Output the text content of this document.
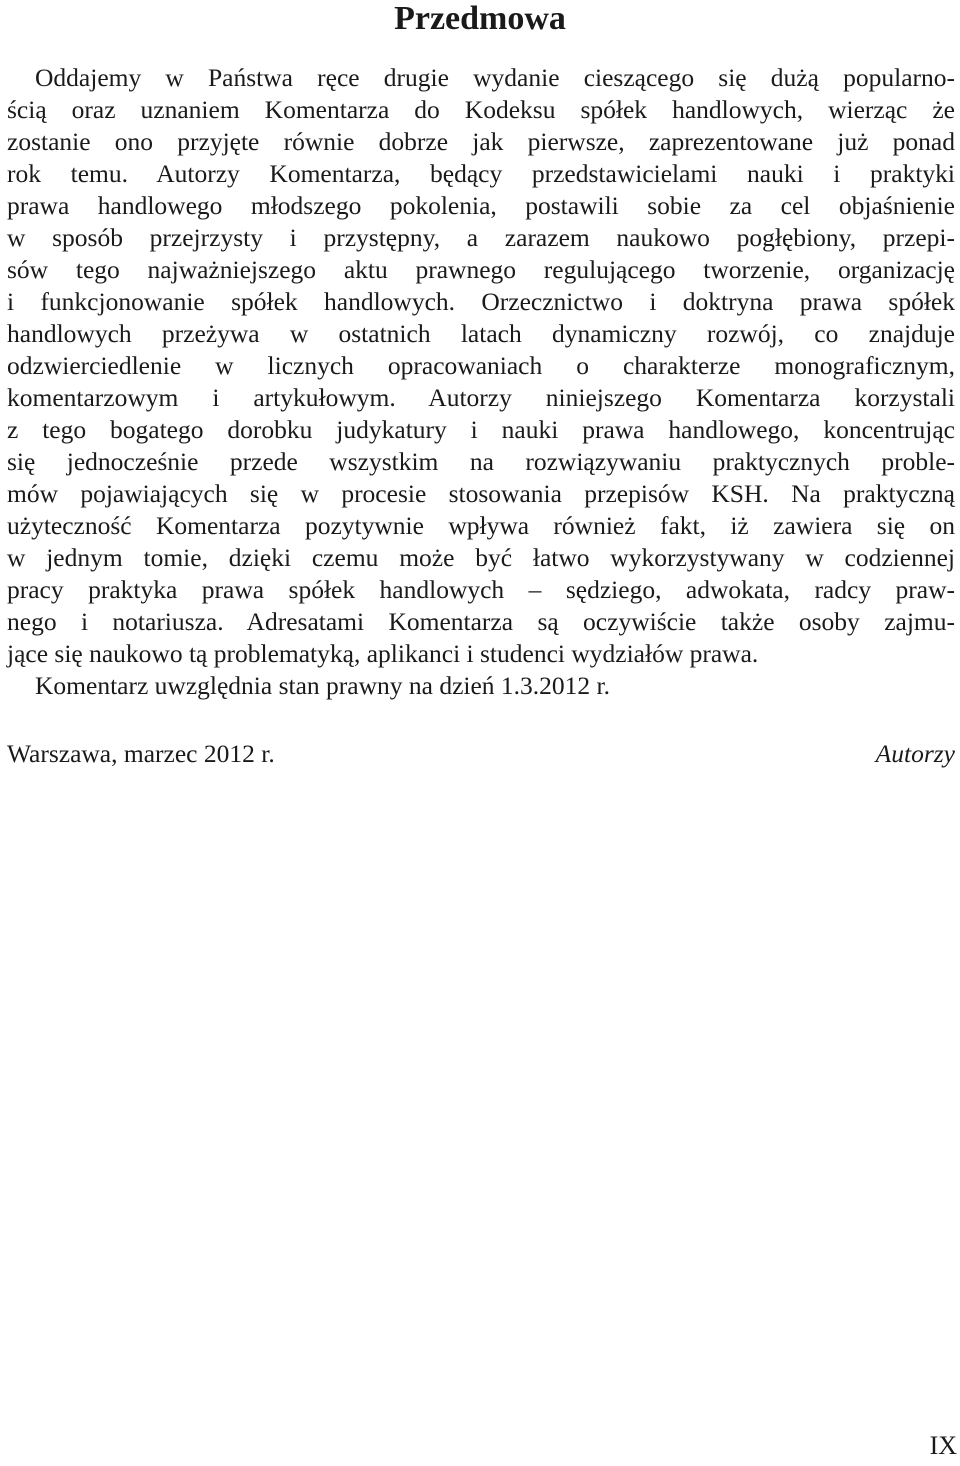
Przedmowa
Oddajemy w Państwa ręce drugie wydanie cieszącego się dużą popularno-
ścią oraz uznaniem Komentarza do Kodeksu spółek handlowych, wierząc że
zostanie ono przyjęte równie dobrze jak pierwsze, zaprezentowane już ponad
rok temu. Autorzy Komentarza, będący przedstawicielami nauki i praktyki
prawa handlowego młodszego pokolenia, postawili sobie za cel objaśnienie
w sposób przejrzysty i przystępny, a zarazem naukowo pogłębiony, przepi-
sów tego najważniejszego aktu prawnego regulującego tworzenie, organizację
i funkcjonowanie spółek handlowych. Orzecznictwo i doktryna prawa spółek
handlowych przeżywa w ostatnich latach dynamiczny rozwój, co znajduje
odzwierciedlenie w licznych opracowaniach o charakterze monograficznym,
komentarzowym i artykułowym. Autorzy niniejszego Komentarza korzystali
z tego bogatego dorobku judykatury i nauki prawa handlowego, koncentrując
się jednocześnie przede wszystkim na rozwiązywaniu praktycznych proble-
mów pojawiających się w procesie stosowania przepisów KSH. Na praktyczną
użyteczność Komentarza pozytywnie wpływa również fakt, iż zawiera się on
w jednym tomie, dzięki czemu może być łatwo wykorzystywany w codziennej
pracy praktyka prawa spółek handlowych – sędziego, adwokata, radcy praw-
nego i notariusza. Adresatami Komentarza są oczywiście także osoby zajmu-
jące się naukowo tą problematyką, aplikanci i studenci wydziałów prawa.
Komentarz uwzględnia stan prawny na dzień 1.3.2012 r.
Warszawa, marzec 2012 r.	Autorzy
IX
